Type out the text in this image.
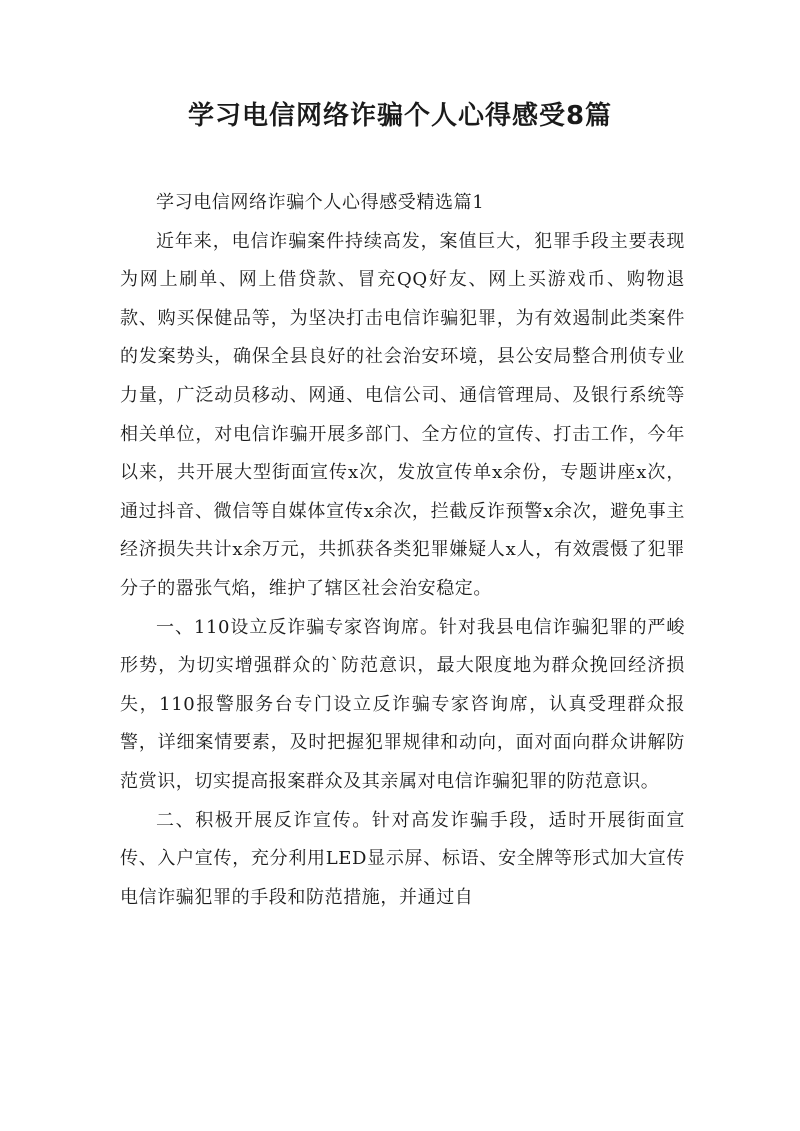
学习电信网络诈骗个人心得感受8篇

学习电信网络诈骗个人心得感受精选篇1

近年来，电信诈骗案件持续高发，案值巨大，犯罪手段主要表现为网上刷单、网上借贷款、冒充QQ好友、网上买游戏币、购物退款、购买保健品等，为坚决打击电信诈骗犯罪，为有效遏制此类案件的发案势头，确保全县良好的社会治安环境，县公安局整合刑侦专业力量，广泛动员移动、网通、电信公司、通信管理局、及银行系统等相关单位，对电信诈骗开展多部门、全方位的宣传、打击工作，今年以来，共开展大型街面宣传x次，发放宣传单x余份，专题讲座x次，通过抖音、微信等自媒体宣传x余次，拦截反诈预警x余次，避免事主经济损失共计x余万元，共抓获各类犯罪嫌疑人x人，有效震慑了犯罪分子的嚣张气焰，维护了辖区社会治安稳定。

一、110设立反诈骗专家咨询席。针对我县电信诈骗犯罪的严峻形势，为切实增强群众的`防范意识，最大限度地为群众挽回经济损失，110报警服务台专门设立反诈骗专家咨询席，认真受理群众报警，详细案情要素，及时把握犯罪规律和动向，面对面向群众讲解防范赏识，切实提高报案群众及其亲属对电信诈骗犯罪的防范意识。

二、积极开展反诈宣传。针对高发诈骗手段，适时开展街面宣传、入户宣传，充分利用LED显示屏、标语、安全牌等形式加大宣传电信诈骗犯罪的手段和防范措施，并通过自
